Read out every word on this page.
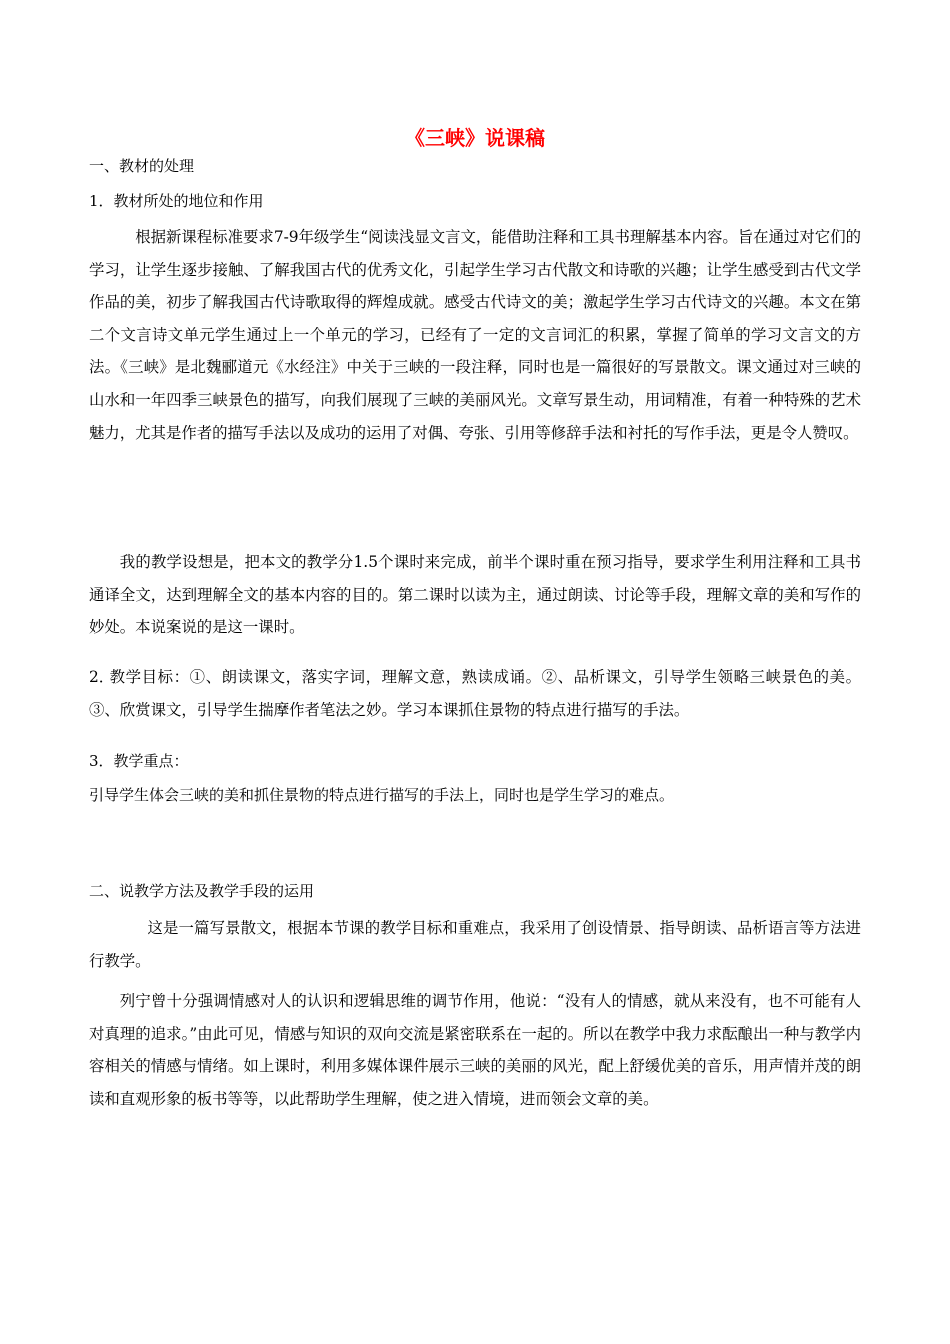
《三峡》说课稿
一、教材的处理
1．教材所处的地位和作用

根据新课程标准要求7-9年级学生“阅读浅显文言文，能借助注释和工具书理解基本内容。旨在通过对它们的学习，让学生逐步接触、了解我国古代的优秀文化，引起学生学习古代散文和诗歌的兴趣；让学生感受到古代文学作品的美，初步了解我国古代诗歌取得的辉煌成就。感受古代诗文的美；激起学生学习古代诗文的兴趣。本文在第二个文言诗文单元学生通过上一个单元的学习，已经有了一定的文言词汇的积累，掌握了简单的学习文言文的方法。《三峡》是北魏郦道元《水经注》中关于三峡的一段注释，同时也是一篇很好的写景散文。课文通过对三峡的山水和一年四季三峡景色的描写，向我们展现了三峡的美丽风光。文章写景生动，用词精准，有着一种特殊的艺术魅力，尤其是作者的描写手法以及成功的运用了对偶、夸张、引用等修辞手法和衬托的写作手法，更是令人赞叹。

我的教学设想是，把本文的教学分1.5个课时来完成，前半个课时重在预习指导，要求学生利用注释和工具书通译全文，达到理解全文的基本内容的目的。第二课时以读为主，通过朗读、讨论等手段，理解文章的美和写作的妙处。本说案说的是这一课时。

2．教学目标：①、朗读课文，落实字词，理解文意，熟读成诵。②、品析课文，引导学生领略三峡景色的美。③、欣赏课文，引导学生揣摩作者笔法之妙。学习本课抓住景物的特点进行描写的手法。

3．教学重点：
引导学生体会三峡的美和抓住景物的特点进行描写的手法上，同时也是学生学习的难点。
二、说教学方法及教学手段的运用

这是一篇写景散文，根据本节课的教学目标和重难点，我采用了创设情景、指导朗读、品析语言等方法进行教学。

列宁曾十分强调情感对人的认识和逻辑思维的调节作用，他说：“没有人的情感，就从来没有，也不可能有人对真理的追求。”由此可见，情感与知识的双向交流是紧密联系在一起的。所以在教学中我力求酝酿出一种与教学内容相关的情感与情绪。如上课时，利用多媒体课件展示三峡的美丽的风光，配上舒缓优美的音乐，用声情并茂的朗读和直观形象的板书等等，以此帮助学生理解，使之进入情境，进而领会文章的美。
